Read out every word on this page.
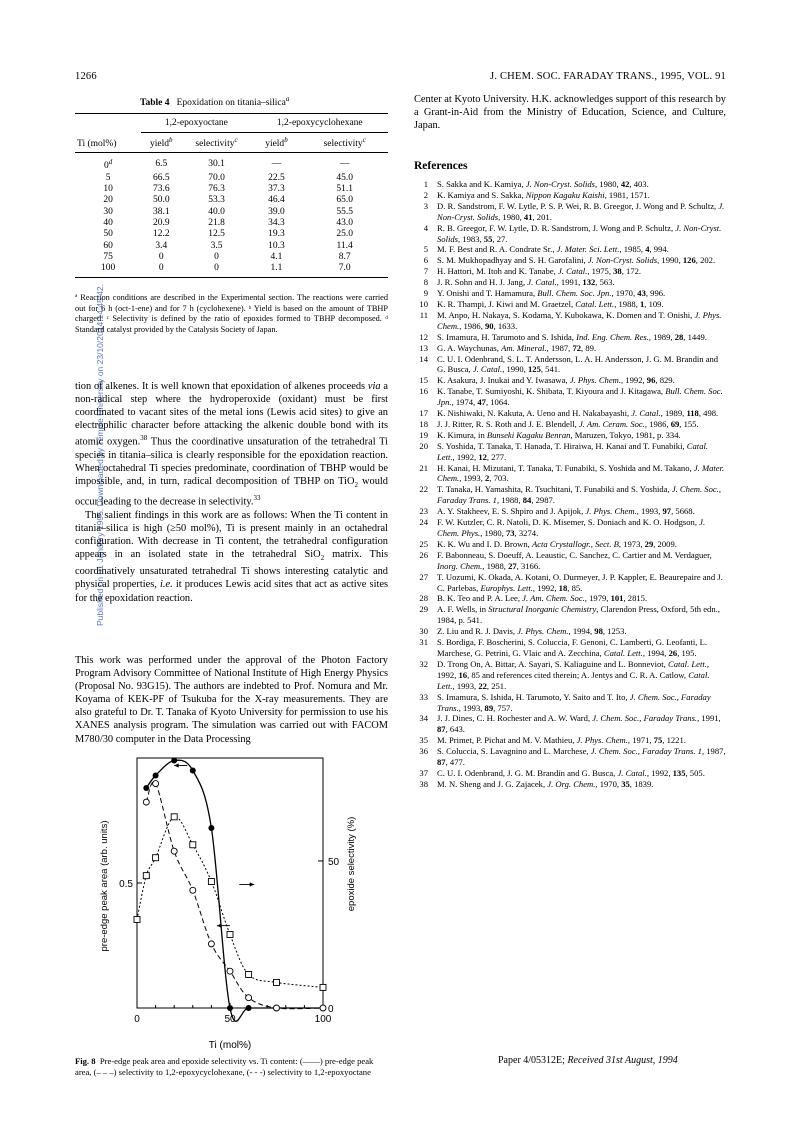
1266	J. CHEM. SOC. FARADAY TRANS., 1995, VOL. 91
Published on 01 January 1995. Downloaded by Temple University on 23/10/2014 14:45:42.
Table 4 Epoxidation on titania–silica$^a$

	1,2-epoxyoctane		1,2-epoxycyclohexane	
Ti (mol%)	yield$^b$	selectivity$^c$	yield$^b$	selectivity$^c$

0$^d$	6.5	30.1	—	—
5	66.5	70.0	22.5	45.0
10	73.6	76.3	37.3	51.1
20	50.0	53.3	46.4	65.0
30	38.1	40.0	39.0	55.5
40	20.9	21.8	34.3	43.0
50	12.2	12.5	19.3	25.0
60	3.4	3.5	10.3	11.4
75	0	0	4.1	8.7
100	0	0	1.1	7.0

ª Reaction conditions are described in the Experimental section. The reactions were carried out for 6 h (oct-1-ene) and for 7 h (cyclohexene). ᵇ Yield is based on the amount of TBHP charged. ᶜ Selectivity is defined by the ratio of epoxides formed to TBHP decomposed. ᵈ Standard catalyst provided by the Catalysis Society of Japan.

tion of alkenes. It is well known that epoxidation of alkenes proceeds via a non-radical step where the hydroperoxide (oxidant) must be first coordinated to vacant sites of the metal ions (Lewis acid sites) to give an electrophilic character before attacking the alkenic double bond with its atomic oxygen.$^{38}$ Thus the coordinative unsaturation of the tetrahedral Ti species in titania–silica is clearly responsible for the epoxidation reaction. When octahedral Ti species predominate, coordination of TBHP would be impossible, and, in turn, radical decomposition of TBHP on TiO$_2$ would occur leading to the decrease in selectivity.$^{33}$

The salient findings in this work are as follows: When the Ti content in titania–silica is high (≥50 mol%), Ti is present mainly in an octahedral configuration. With decrease in Ti content, the tetrahedral configuration appears in an isolated state in the tetrahedral SiO$_2$ matrix. This coordinatively unsaturated tetrahedral Ti shows interesting catalytic and physical properties, i.e. it produces Lewis acid sites that act as active sites for the epoxidation reaction.

This work was performed under the approval of the Photon Factory Program Advisory Committee of National Institute of High Energy Physics (Proposal No. 93G15). The authors are indebted to Prof. Nomura and Mr. Koyama of KEK-PF of Tsukuba for the X-ray measurements. They are also grateful to Dr. T. Tanaka of Kyoto University for permission to use his XANES analysis program. The simulation was carried out with FACOM M780/30 computer in the Data Processing

0	50	100
0.5
0
50
Ti (mol%)
pre-edge peak area (arb. units)	epoxide selectivity (%)
Fig. 8 Pre-edge peak area and epoxide selectivity vs. Ti content: (——) pre-edge peak area, (– – –) selectivity to 1,2-epoxycyclohexane, (- - -) selectivity to 1,2-epoxyoctane
Center at Kyoto University. H.K. acknowledges support of this research by a Grant-in-Aid from the Ministry of Education, Science, and Culture, Japan.
References
1 S. Sakka and K. Kamiya, J. Non-Cryst. Solids, 1980, 42, 403.
2 K. Kamiya and S. Sakka, Nippon Kagaku Kaishi, 1981, 1571.
3 D. R. Sandstrom, F. W. Lytle, P. S. P. Wei, R. B. Greegor, J. Wong and P. Schultz, J. Non-Cryst. Solids, 1980, 41, 201.
4 R. B. Greegor, F. W. Lytle, D. R. Sandstrom, J. Wong and P. Schultz, J. Non-Cryst. Solids, 1983, 55, 27.
5 M. F. Best and R. A. Condrate Sr., J. Mater. Sci. Lett., 1985, 4, 994.
6 S. M. Mukhopadhyay and S. H. Garofalini, J. Non-Cryst. Solids, 1990, 126, 202.
7 H. Hattori, M. Itoh and K. Tanabe, J. Catal., 1975, 38, 172.
8 J. R. Sohn and H. J. Jang, J. Catal., 1991, 132, 563.
9 Y. Onishi and T. Hamamura, Bull. Chem. Soc. Jpn., 1970, 43, 996.
10 K. R. Thampi, J. Kiwi and M. Graetzel, Catal. Lett., 1988, 1, 109.
11 M. Anpo, H. Nakaya, S. Kodama, Y. Kubokawa, K. Domen and T. Onishi, J. Phys. Chem., 1986, 90, 1633.
12 S. Imamura, H. Tarumoto and S. Ishida, Ind. Eng. Chem. Res., 1989, 28, 1449.
13 G. A. Waychunas, Am. Mineral., 1987, 72, 89.
14 C. U. I. Odenbrand, S. L. T. Andersson, L. A. H. Andersson, J. G. M. Brandin and G. Busca, J. Catal., 1990, 125, 541.
15 K. Asakura, J. Inukai and Y. Iwasawa, J. Phys. Chem., 1992, 96, 829.
16 K. Tanabe, T. Sumiyoshi, K. Shibata, T. Kiyoura and J. Kitagawa, Bull. Chem. Soc. Jpn., 1974, 47, 1064.
17 K. Nishiwaki, N. Kakuta, A. Ueno and H. Nakabayashi, J. Catal., 1989, 118, 498.
18 J. J. Ritter, R. S. Roth and J. E. Blendell, J. Am. Ceram. Soc., 1986, 69, 155.
19 K. Kimura, in Bunseki Kagaku Benran, Maruzen, Tokyo, 1981, p. 334.
20 S. Yoshida, T. Tanaka, T. Hanada, T. Hiraiwa, H. Kanai and T. Funabiki, Catal. Lett., 1992, 12, 277.
21 H. Kanai, H. Mizutani, T. Tanaka, T. Funabiki, S. Yoshida and M. Takano, J. Mater. Chem., 1993, 2, 703.
22 T. Tanaka, H. Yamashita, R. Tsuchitani, T. Funabiki and S. Yoshida, J. Chem. Soc., Faraday Trans. 1, 1988, 84, 2987.
23 A. Y. Stakheev, E. S. Shpiro and J. Apijok, J. Phys. Chem., 1993, 97, 5668.
24 F. W. Kutzler, C. R. Natoli, D. K. Misemer, S. Doniach and K. O. Hodgson, J. Chem. Phys., 1980, 73, 3274.
25 K. K. Wu and I. D. Brown, Acta Crystallogr., Sect. B, 1973, 29, 2009.
26 F. Babonneau, S. Doeuff, A. Leaustic, C. Sanchez, C. Cartier and M. Verdaguer, Inorg. Chem., 1988, 27, 3166.
27 T. Uozumi, K. Okada, A. Kotani, O. Durmeyer, J. P. Kappler, E. Beaurepaire and J. C. Parlebas, Europhys. Lett., 1992, 18, 85.
28 B. K. Teo and P. A. Lee, J. Am. Chem. Soc., 1979, 101, 2815.
29 A. F. Wells, in Structural Inorganic Chemistry, Clarendon Press, Oxford, 5th edn., 1984, p. 541.
30 Z. Liu and R. J. Davis, J. Phys. Chem., 1994, 98, 1253.
31 S. Bordiga, F. Boscherini, S. Coluccia, F. Genoni, C. Lamberti, G. Leofanti, L. Marchese, G. Petrini, G. Vlaic and A. Zecchina, Catal. Lett., 1994, 26, 195.
32 D. Trong On, A. Bittar, A. Sayari, S. Kaliaguine and L. Bonneviot, Catal. Lett., 1992, 16, 85 and references cited therein; A. Jentys and C. R. A. Catlow, Catal. Lett., 1993, 22, 251.
33 S. Imamura, S. Ishida, H. Tarumoto, Y. Saito and T. Ito, J. Chem. Soc., Faraday Trans., 1993, 89, 757.
34 J. J. Dines, C. H. Rochester and A. W. Ward, J. Chem. Soc., Faraday Trans., 1991, 87, 643.
35 M. Primet, P. Pichat and M. V. Mathieu, J. Phys. Chem., 1971, 75, 1221.
36 S. Coluccia, S. Lavagnino and L. Marchese, J. Chem. Soc., Faraday Trans. 1, 1987, 87, 477.
37 C. U. I. Odenbrand, J. G. M. Brandin and G. Busca, J. Catal., 1992, 135, 505.
38 M. N. Sheng and J. G. Zajacek, J. Org. Chem., 1970, 35, 1839.
Paper 4/05312E; Received 31st August, 1994
